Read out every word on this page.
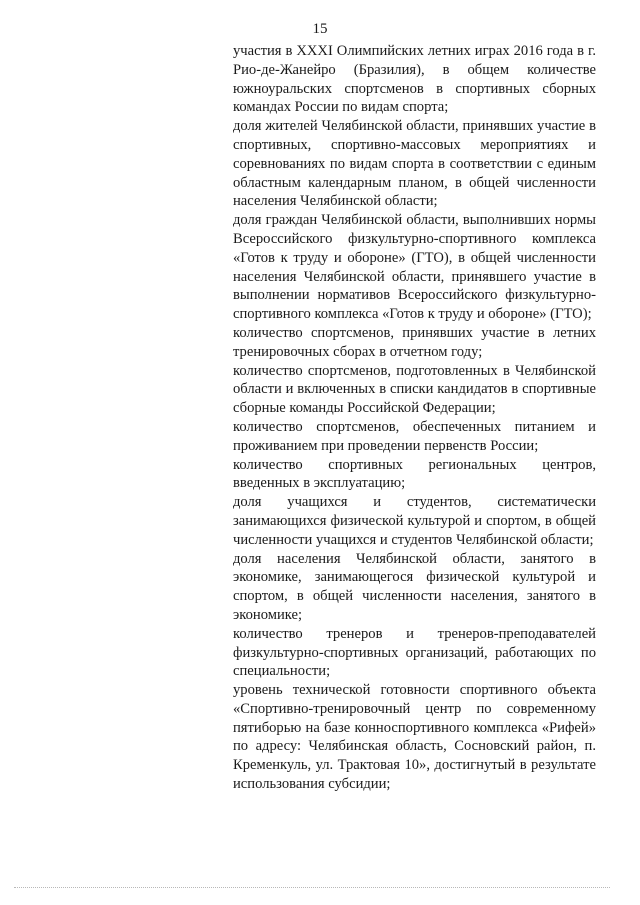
15

участия в XXXI Олимпийских летних играх 2016 года в г. Рио-де-Жанейро (Бразилия), в общем количестве южноуральских спортсменов в спортивных сборных командах России по видам спорта;

доля жителей Челябинской области, принявших участие в спортивных, спортивно-массовых мероприятиях и соревнованиях по видам спорта в соответствии с единым областным календарным планом, в общей численности населения Челябинской области;

доля граждан Челябинской области, выполнивших нормы Всероссийского физкультурно-спортивного комплекса «Готов к труду и обороне» (ГТО), в общей численности населения Челябинской области, принявшего участие в выполнении нормативов Всероссийского физкультурно-спортивного комплекса «Готов к труду и обороне» (ГТО);

количество спортсменов, принявших участие в летних тренировочных сборах в отчетном году;

количество спортсменов, подготовленных в Челябинской области и включенных в списки кандидатов в спортивные сборные команды Российской Федерации;

количество спортсменов, обеспеченных питанием и проживанием при проведении первенств России;

количество спортивных региональных центров, введенных в эксплуатацию;

доля учащихся и студентов, систематически занимающихся физической культурой и спортом, в общей численности учащихся и студентов Челябинской области;

доля населения Челябинской области, занятого в экономике, занимающегося физической культурой и спортом, в общей численности населения, занятого в экономике;

количество тренеров и тренеров-преподавателей физкультурно-спортивных организаций, работающих по специальности;

уровень технической готовности спортивного объекта «Спортивно-тренировочный центр по современному пятиборью на базе конноспортивного комплекса «Рифей» по адресу: Челябинская область, Сосновский район, п. Кременкуль, ул. Трактовая 10», достигнутый в результате использования субсидии;
